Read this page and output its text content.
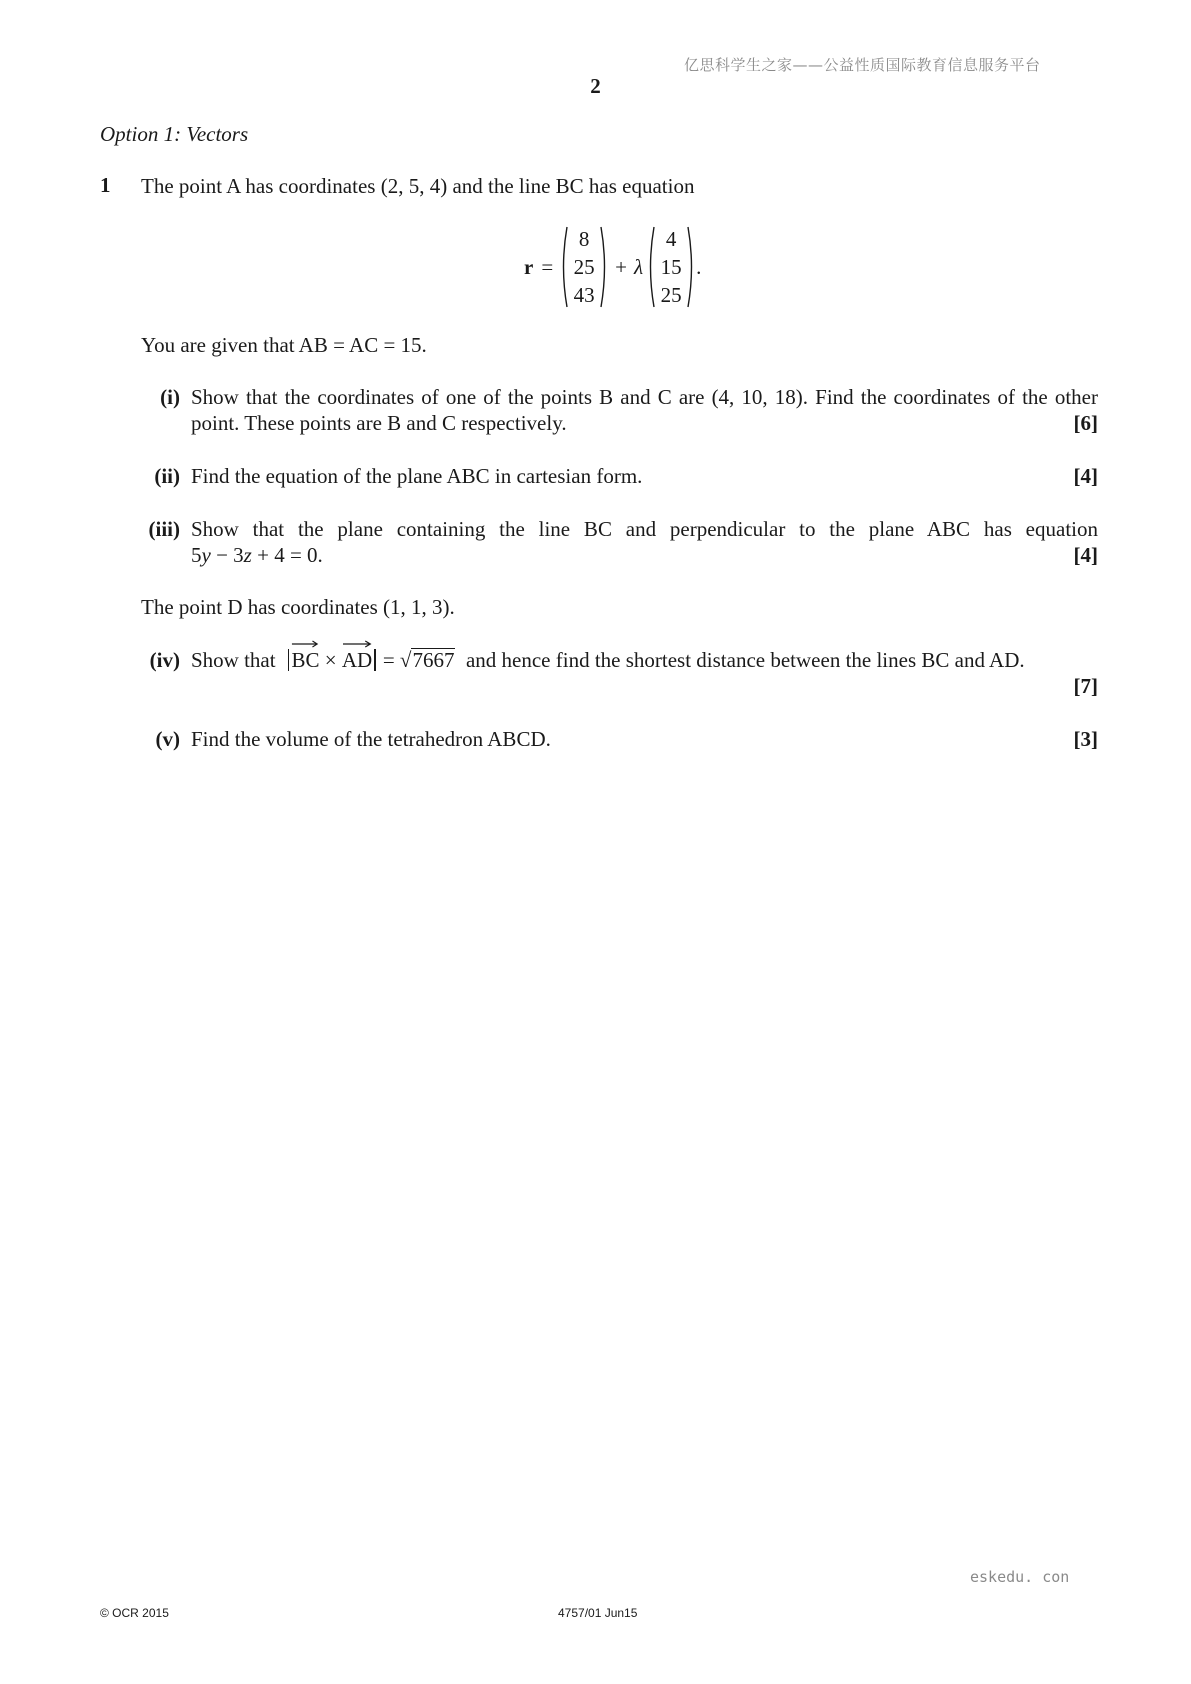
亿思科学生之家——公益性质国际教育信息服务平台
2
Option 1: Vectors
1 The point A has coordinates (2, 5, 4) and the line BC has equation
r =
8
25
43
+ λ
4
15
25
.
You are given that AB = AC = 15.
(i) Show that the coordinates of one of the points B and C are (4, 10, 18). Find the coordinates of the other
point. These points are B and C respectively.	[6]
(ii) Find the equation of the plane ABC in cartesian form.	[4]
(iii) Show that the plane containing the line BC and perpendicular to the plane ABC has equation
5y − 3z + 4 = 0.	[4]
The point D has coordinates (1, 1, 3).
(iv) Show that BC × AD = √7667 and hence find the shortest distance between the lines BC and AD.
[7]
(v) Find the volume of the tetrahedron ABCD.	[3]
eskedu. con
© OCR 2015	4757/01 Jun15
